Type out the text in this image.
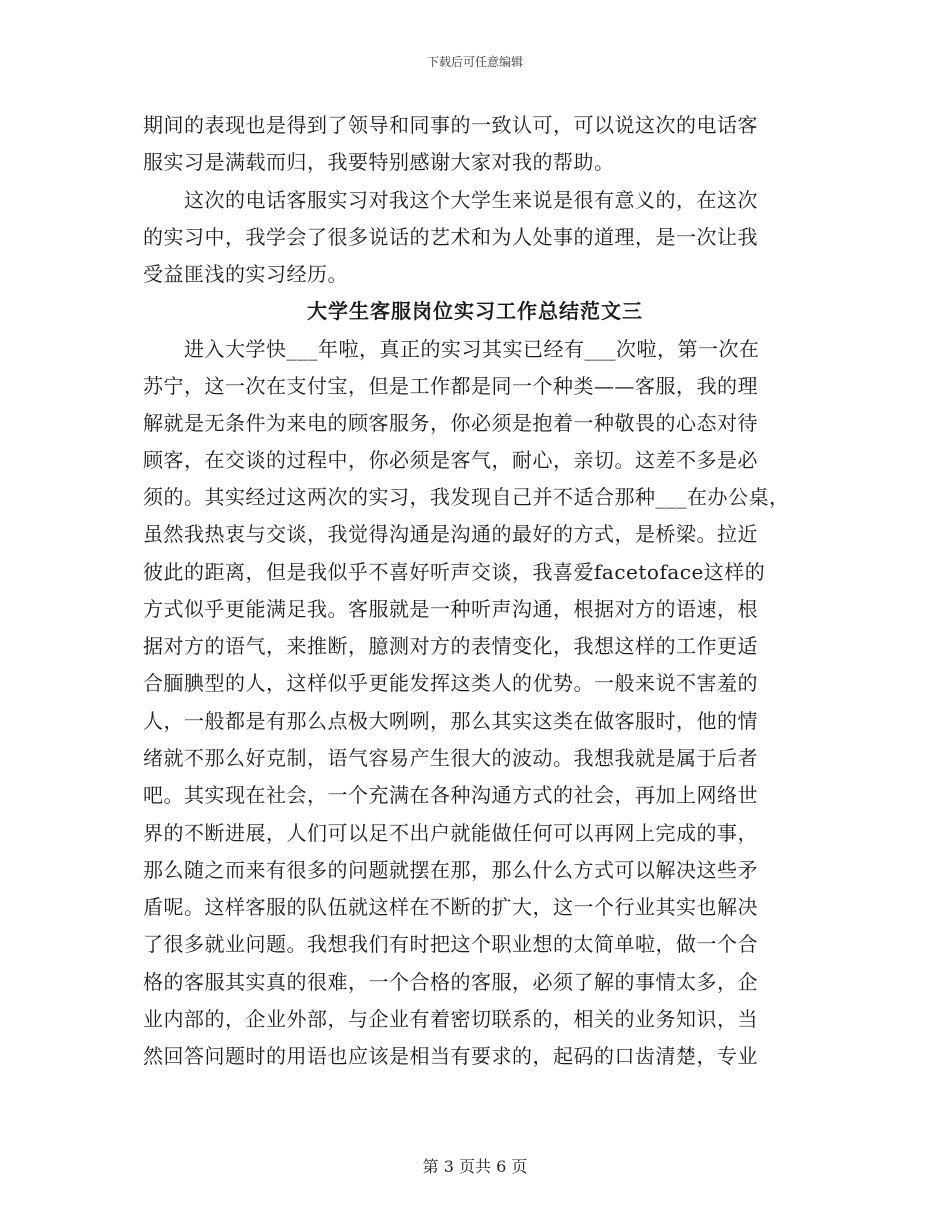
下载后可任意编辑
期间的表现也是得到了领导和同事的一致认可，可以说这次的电话客
服实习是满载而归，我要特别感谢大家对我的帮助。
　　这次的电话客服实习对我这个大学生来说是很有意义的，在这次
的实习中，我学会了很多说话的艺术和为人处事的道理，是一次让我
受益匪浅的实习经历。
大学生客服岗位实习工作总结范文三
　　进入大学快___年啦，真正的实习其实已经有___次啦，第一次在
苏宁，这一次在支付宝，但是工作都是同一个种类——客服，我的理
解就是无条件为来电的顾客服务，你必须是抱着一种敬畏的心态对待
顾客，在交谈的过程中，你必须是客气，耐心，亲切。这差不多是必
须的。其实经过这两次的实习，我发现自己并不适合那种___在办公桌，
虽然我热衷与交谈，我觉得沟通是沟通的最好的方式，是桥梁。拉近
彼此的距离，但是我似乎不喜好听声交谈，我喜爱facetoface这样的
方式似乎更能满足我。客服就是一种听声沟通，根据对方的语速，根
据对方的语气，来推断，臆测对方的表情变化，我想这样的工作更适
合腼腆型的人，这样似乎更能发挥这类人的优势。一般来说不害羞的
人，一般都是有那么点极大咧咧，那么其实这类在做客服时，他的情
绪就不那么好克制，语气容易产生很大的波动。我想我就是属于后者
吧。其实现在社会，一个充满在各种沟通方式的社会，再加上网络世
界的不断进展，人们可以足不出户就能做任何可以再网上完成的事，
那么随之而来有很多的问题就摆在那，那么什么方式可以解决这些矛
盾呢。这样客服的队伍就这样在不断的扩大，这一个行业其实也解决
了很多就业问题。我想我们有时把这个职业想的太简单啦，做一个合
格的客服其实真的很难，一个合格的客服，必须了解的事情太多，企
业内部的，企业外部，与企业有着密切联系的，相关的业务知识，当
然回答问题时的用语也应该是相当有要求的，起码的口齿清楚，专业
第 3 页共 6 页
